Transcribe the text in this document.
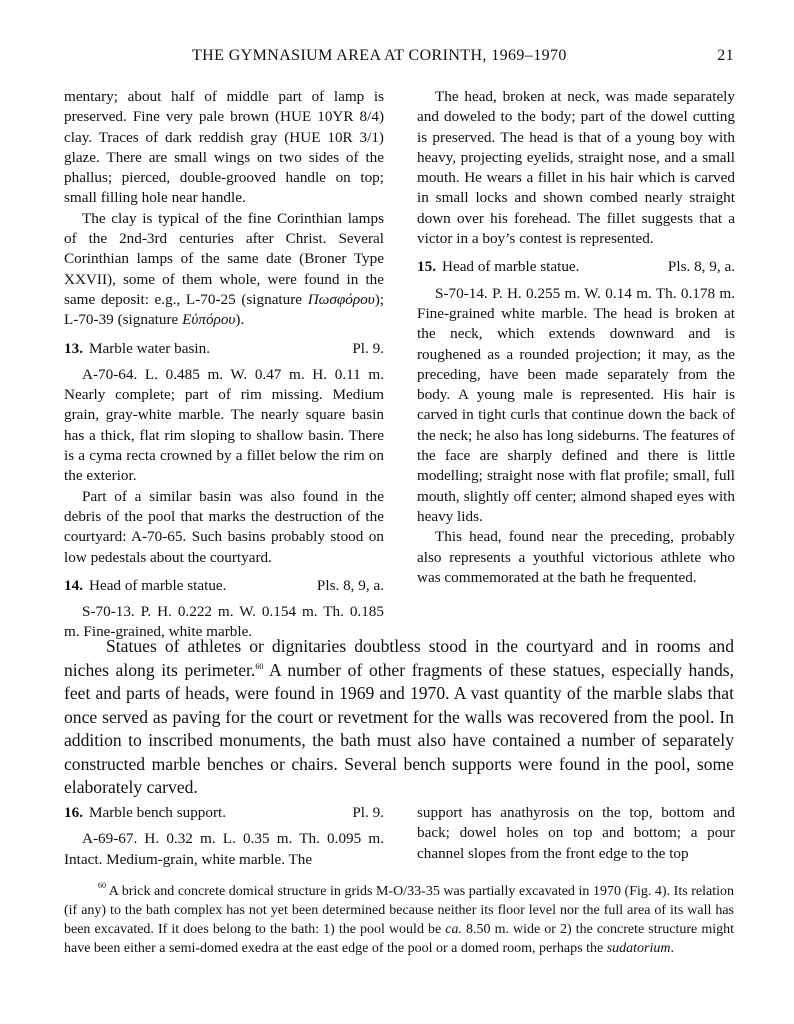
THE GYMNASIUM AREA AT CORINTH, 1969–1970	21

mentary; about half of middle part of lamp is preserved. Fine very pale brown (HUE 10YR 8/4) clay. Traces of dark reddish gray (HUE 10R 3/1) glaze. There are small wings on two sides of the phallus; pierced, double-grooved handle on top; small filling hole near handle.

The clay is typical of the fine Corinthian lamps of the 2nd-3rd centuries after Christ. Several Corinthian lamps of the same date (Broner Type XXVII), some of them whole, were found in the same deposit: e.g., L-70-25 (signature Πωσφόρου); L-70-39 (signature Εὐπόρου).

13. Marble water basin.	Pl. 9.

A-70-64. L. 0.485 m. W. 0.47 m. H. 0.11 m. Nearly complete; part of rim missing. Medium grain, gray-white marble. The nearly square basin has a thick, flat rim sloping to shallow basin. There is a cyma recta crowned by a fillet below the rim on the exterior.

Part of a similar basin was also found in the debris of the pool that marks the destruction of the courtyard: A-70-65. Such basins probably stood on low pedestals about the courtyard.

14. Head of marble statue.	Pls. 8, 9, a.

S-70-13. P. H. 0.222 m. W. 0.154 m. Th. 0.185 m. Fine-grained, white marble.

The head, broken at neck, was made separately and doweled to the body; part of the dowel cutting is preserved. The head is that of a young boy with heavy, projecting eyelids, straight nose, and a small mouth. He wears a fillet in his hair which is carved in small locks and shown combed nearly straight down over his forehead. The fillet suggests that a victor in a boy’s contest is represented.

15. Head of marble statue.	Pls. 8, 9, a.

S-70-14. P. H. 0.255 m. W. 0.14 m. Th. 0.178 m. Fine-grained white marble. The head is broken at the neck, which extends downward and is roughened as a rounded projection; it may, as the preceding, have been made separately from the body. A young male is represented. His hair is carved in tight curls that continue down the back of the neck; he also has long sideburns. The features of the face are sharply defined and there is little modelling; straight nose with flat profile; small, full mouth, slightly off center; almond shaped eyes with heavy lids.

This head, found near the preceding, probably also represents a youthful victorious athlete who was commemorated at the bath he frequented.

Statues of athletes or dignitaries doubtless stood in the courtyard and in rooms and niches along its perimeter.$^{60}$ A number of other fragments of these statues, especially hands, feet and parts of heads, were found in 1969 and 1970. A vast quantity of the marble slabs that once served as paving for the court or revetment for the walls was recovered from the pool. In addition to inscribed monuments, the bath must also have contained a number of separately constructed marble benches or chairs. Several bench supports were found in the pool, some elaborately carved.

16. Marble bench support.	Pl. 9.

A-69-67. H. 0.32 m. L. 0.35 m. Th. 0.095 m. Intact. Medium-grain, white marble. The

support has anathyrosis on the top, bottom and back; dowel holes on top and bottom; a pour channel slopes from the front edge to the top

$^{60}$ A brick and concrete domical structure in grids M-O/33-35 was partially excavated in 1970 (Fig. 4). Its relation (if any) to the bath complex has not yet been determined because neither its floor level nor the full area of its wall has been excavated. If it does belong to the bath: 1) the pool would be ca. 8.50 m. wide or 2) the concrete structure might have been either a semi-domed exedra at the east edge of the pool or a domed room, perhaps the sudatorium.
